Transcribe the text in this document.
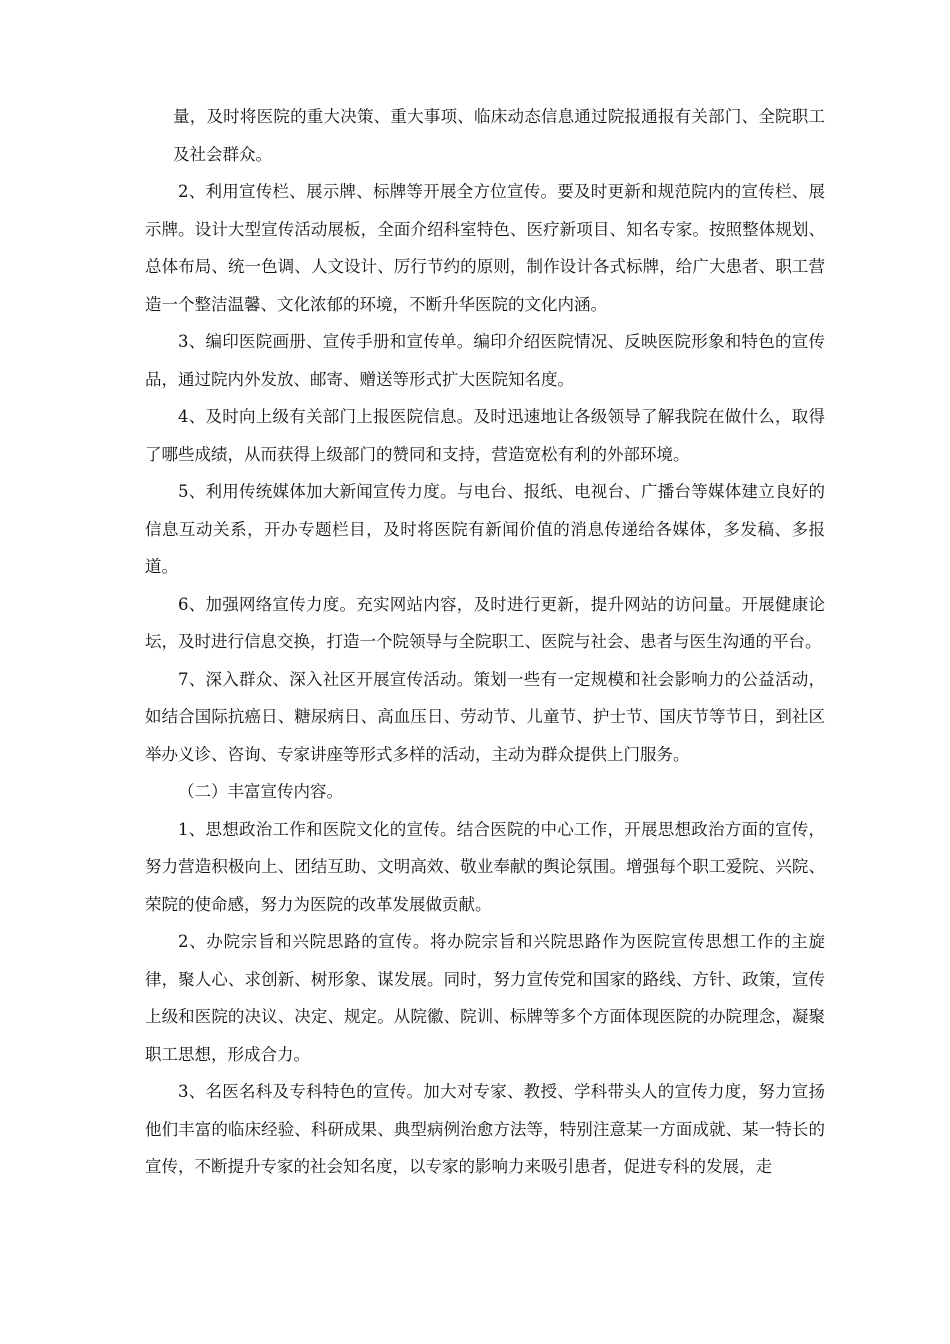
量，及时将医院的重大决策、重大事项、临床动态信息通过院报通报有关部门、全院职工及社会群众。

2、利用宣传栏、展示牌、标牌等开展全方位宣传。要及时更新和规范院内的宣传栏、展示牌。设计大型宣传活动展板，全面介绍科室特色、医疗新项目、知名专家。按照整体规划、总体布局、统一色调、人文设计、厉行节约的原则，制作设计各式标牌，给广大患者、职工营造一个整洁温馨、文化浓郁的环境，不断升华医院的文化内涵。

3、编印医院画册、宣传手册和宣传单。编印介绍医院情况、反映医院形象和特色的宣传品，通过院内外发放、邮寄、赠送等形式扩大医院知名度。

4、及时向上级有关部门上报医院信息。及时迅速地让各级领导了解我院在做什么，取得了哪些成绩，从而获得上级部门的赞同和支持，营造宽松有利的外部环境。

5、利用传统媒体加大新闻宣传力度。与电台、报纸、电视台、广播台等媒体建立良好的信息互动关系，开办专题栏目，及时将医院有新闻价值的消息传递给各媒体，多发稿、多报道。

6、加强网络宣传力度。充实网站内容，及时进行更新，提升网站的访问量。开展健康论坛，及时进行信息交换，打造一个院领导与全院职工、医院与社会、患者与医生沟通的平台。

7、深入群众、深入社区开展宣传活动。策划一些有一定规模和社会影响力的公益活动，如结合国际抗癌日、糖尿病日、高血压日、劳动节、儿童节、护士节、国庆节等节日，到社区举办义诊、咨询、专家讲座等形式多样的活动，主动为群众提供上门服务。

（二）丰富宣传内容。

1、思想政治工作和医院文化的宣传。结合医院的中心工作，开展思想政治方面的宣传，努力营造积极向上、团结互助、文明高效、敬业奉献的舆论氛围。增强每个职工爱院、兴院、荣院的使命感，努力为医院的改革发展做贡献。

2、办院宗旨和兴院思路的宣传。将办院宗旨和兴院思路作为医院宣传思想工作的主旋律，聚人心、求创新、树形象、谋发展。同时，努力宣传党和国家的路线、方针、政策，宣传上级和医院的决议、决定、规定。从院徽、院训、标牌等多个方面体现医院的办院理念，凝聚职工思想，形成合力。

3、名医名科及专科特色的宣传。加大对专家、教授、学科带头人的宣传力度，努力宣扬他们丰富的临床经验、科研成果、典型病例治愈方法等，特别注意某一方面成就、某一特长的宣传，不断提升专家的社会知名度，以专家的影响力来吸引患者，促进专科的发展，走
